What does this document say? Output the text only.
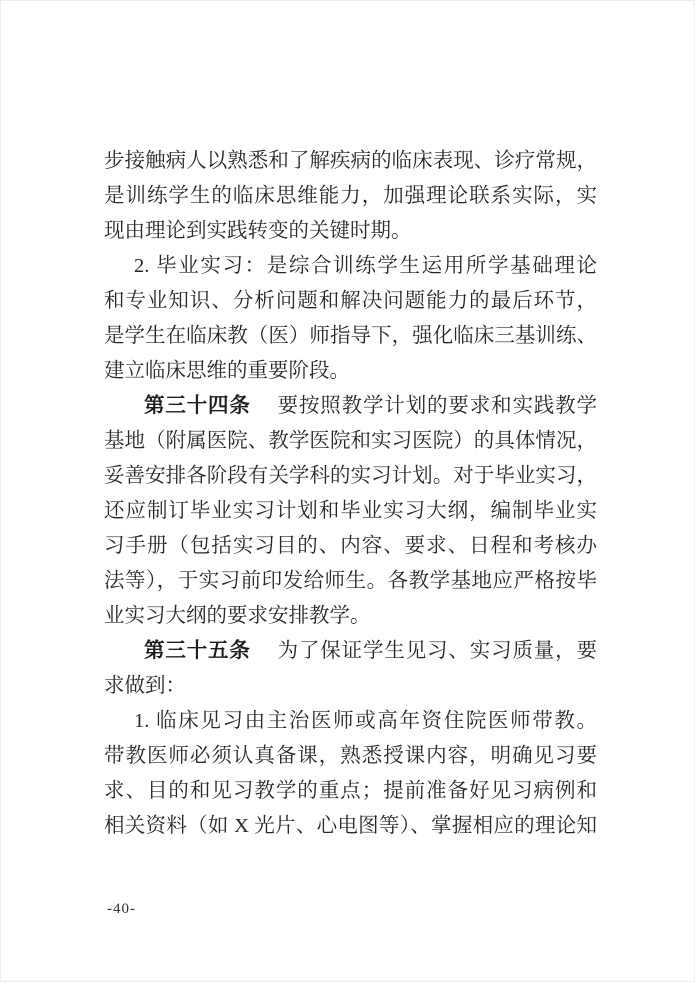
步接触病人以熟悉和了解疾病的临床表现、诊疗常规，
是训练学生的临床思维能力，加强理论联系实际，实
现由理论到实践转变的关键时期。
2. 毕业实习：是综合训练学生运用所学基础理论
和专业知识、分析问题和解决问题能力的最后环节，
是学生在临床教（医）师指导下，强化临床三基训练、
建立临床思维的重要阶段。
第三十四条 要按照教学计划的要求和实践教学
基地（附属医院、教学医院和实习医院）的具体情况，
妥善安排各阶段有关学科的实习计划。对于毕业实习，
还应制订毕业实习计划和毕业实习大纲，编制毕业实
习手册（包括实习目的、内容、要求、日程和考核办
法等），于实习前印发给师生。各教学基地应严格按毕
业实习大纲的要求安排教学。
第三十五条 为了保证学生见习、实习质量，要
求做到：
1. 临床见习由主治医师或高年资住院医师带教。
带教医师必须认真备课，熟悉授课内容，明确见习要
求、目的和见习教学的重点；提前准备好见习病例和
相关资料（如 X 光片、心电图等）、掌握相应的理论知
-40-
